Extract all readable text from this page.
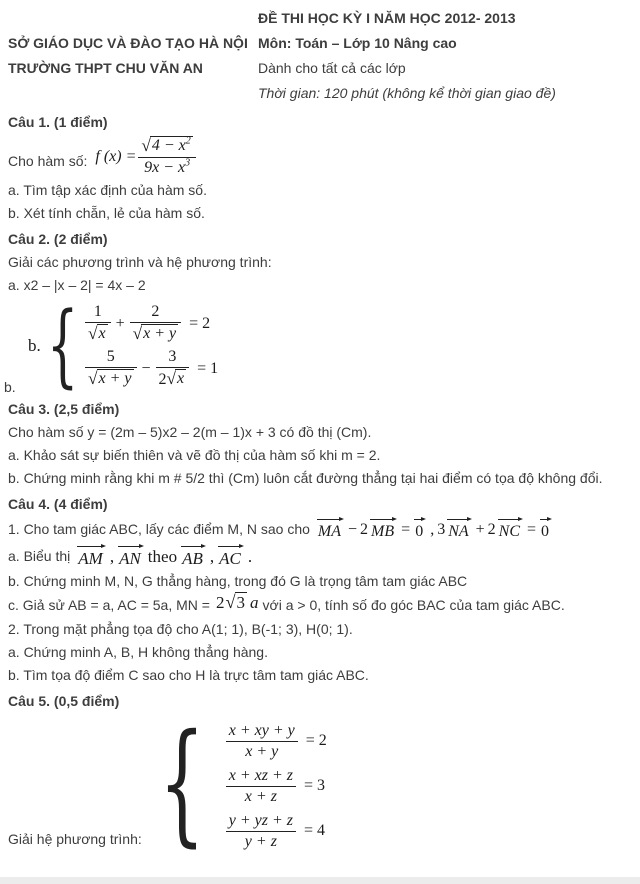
ĐỀ THI HỌC KỲ I NĂM HỌC 2012- 2013
SỞ GIÁO DỤC VÀ ĐÀO TẠO HÀ NỘI Môn: Toán – Lớp 10 Nâng cao
TRƯỜNG THPT CHU VĂN AN	Dành cho tất cả các lớp
Thời gian: 120 phút (không kể thời gian giao đề)

Câu 1. (1 điểm)

Cho hàm số: f (x) = √ $\frac{4 - x^2}{9x - x^3}$

a. Tìm tập xác định của hàm số.

b. Xét tính chẵn, lẻ của hàm số.

Câu 2. (2 điểm)

Giải các phương trình và hệ phương trình:

a. x2 – |x – 2| = 4x – 2

b.
b.
{
1
√
x + 2
√
x + y = 2
5
√
$x + y - \frac{3}{2 √ x} = 1$

Câu 3. (2,5 điểm)

Cho hàm số y = (2m – 5)x2 – 2(m – 1)x + 3 có đồ thị (Cm).

a. Khảo sát sự biến thiên và vẽ đồ thị của hàm số khi m = 2.

b. Chứng minh rằng khi m # 5/2 thì (Cm) luôn cắt đường thẳng tại hai điểm có tọa độ không đổi.

Câu 4. (4 điểm)

1. Cho tam giác ABC, lấy các điểm M, N sao cho MA − 2 MB = 0 , 3 NA + 2 NC = 0
a. Biểu thị AM , AN theo AB , AC .

b. Chứng minh M, N, G thẳng hàng, trong đó G là trọng tâm tam giác ABC

c. Giả sử AB = a, AC = 5a, MN = 2 √ 3 a với a > 0, tính số đo góc BAC của tam giác ABC.

2. Trong mặt phẳng tọa độ cho A(1; 1), B(-1; 3), H(0; 1).

a. Chứng minh A, B, H không thẳng hàng.

b. Tìm tọa độ điểm C sao cho H là trực tâm tam giác ABC.

Câu 5. (0,5 điểm)

Giải hệ phương trình:
{
$\frac{x + xy + y}{x + y} = 2$
$\frac{x + xz + z}{x + z} = 3$
$\frac{y + yz + z}{y + z} = 4$
